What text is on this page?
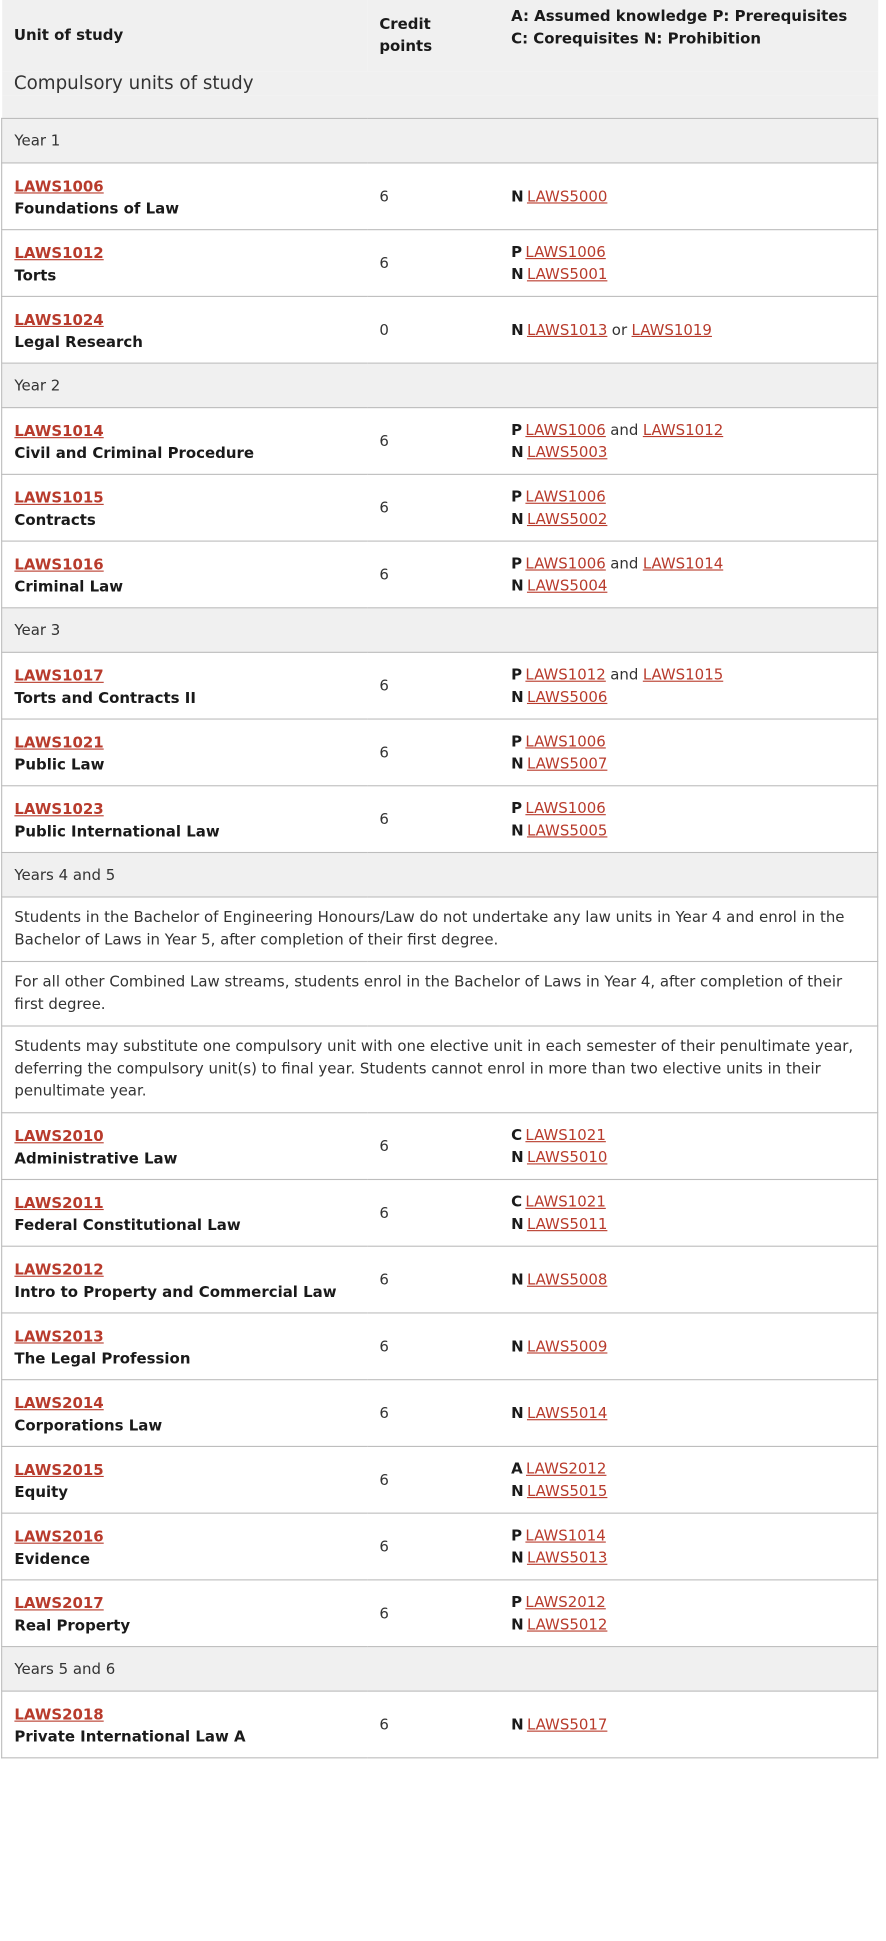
Unit of study	Credit points	A: Assumed knowledge P: Prerequisites
C: Corequisites N: Prohibition

Compulsory units of study		

Year 1		

LAWS1006
Foundations of Law	6	N LAWS5000

LAWS1012
Torts	6	P LAWS1006
N LAWS5001

LAWS1024
Legal Research	0	N LAWS1013 or LAWS1019

Year 2		

LAWS1014
Civil and Criminal Procedure	6	P LAWS1006 and LAWS1012
N LAWS5003

LAWS1015
Contracts	6	P LAWS1006
N LAWS5002

LAWS1016
Criminal Law	6	P LAWS1006 and LAWS1014
N LAWS5004

Year 3		

LAWS1017
Torts and Contracts II	6	P LAWS1012 and LAWS1015
N LAWS5006

LAWS1021
Public Law	6	P LAWS1006
N LAWS5007

LAWS1023
Public International Law	6	P LAWS1006
N LAWS5005

Years 4 and 5		
Students in the Bachelor of Engineering Honours/Law do not undertake any law units in Year 4 and enrol in the Bachelor of Laws in Year 5, after completion of their first degree.		
For all other Combined Law streams, students enrol in the Bachelor of Laws in Year 4, after completion of their first degree.		
Students may substitute one compulsory unit with one elective unit in each semester of their penultimate year, deferring the compulsory unit(s) to final year. Students cannot enrol in more than two elective units in their penultimate year.		

LAWS2010
Administrative Law	6	C LAWS1021
N LAWS5010

LAWS2011
Federal Constitutional Law	6	C LAWS1021
N LAWS5011

LAWS2012
Intro to Property and Commercial Law	6	N LAWS5008

LAWS2013
The Legal Profession	6	N LAWS5009

LAWS2014
Corporations Law	6	N LAWS5014

LAWS2015
Equity	6	A LAWS2012
N LAWS5015

LAWS2016
Evidence	6	P LAWS1014
N LAWS5013

LAWS2017
Real Property	6	P LAWS2012
N LAWS5012

Years 5 and 6		

LAWS2018
Private International Law A	6	N LAWS5017
